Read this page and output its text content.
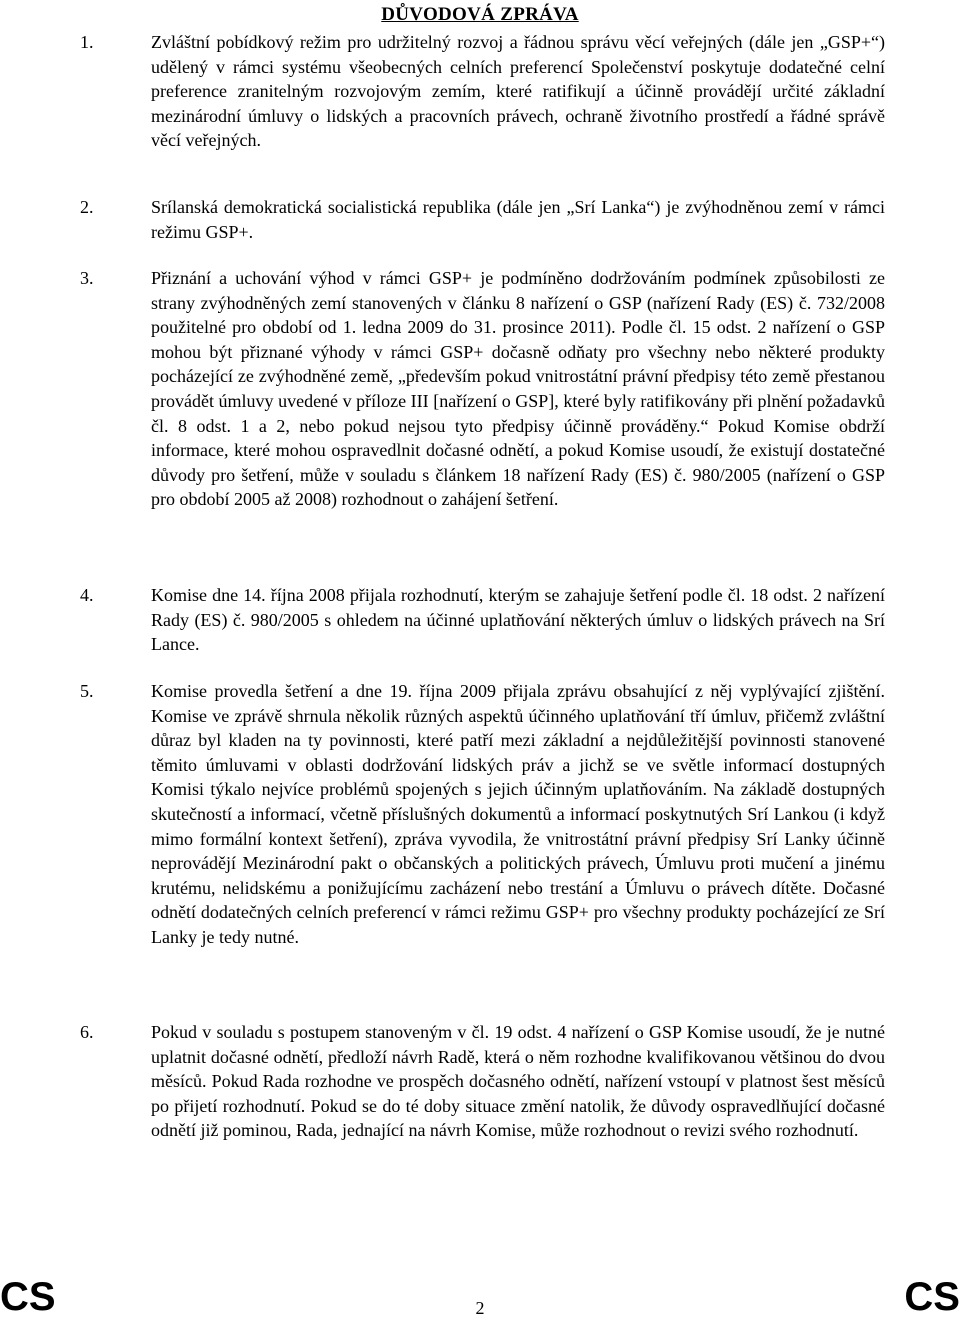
DŮVODOVÁ ZPRÁVA
1.	Zvláštní pobídkový režim pro udržitelný rozvoj a řádnou správu věcí veřejných (dále jen „GSP+“) udělený v rámci systému všeobecných celních preferencí Společenství poskytuje dodatečné celní preference zranitelným rozvojovým zemím, které ratifikují a účinně provádějí určité základní mezinárodní úmluvy o lidských a pracovních právech, ochraně životního prostředí a řádné správě věcí veřejných.
2.	Srílanská demokratická socialistická republika (dále jen „Srí Lanka“) je zvýhodněnou zemí v rámci režimu GSP+.
3.	Přiznání a uchování výhod v rámci GSP+ je podmíněno dodržováním podmínek způsobilosti ze strany zvýhodněných zemí stanovených v článku 8 nařízení o GSP (nařízení Rady (ES) č. 732/2008 použitelné pro období od 1. ledna 2009 do 31. prosince 2011). Podle čl. 15 odst. 2 nařízení o GSP mohou být přiznané výhody v rámci GSP+ dočasně odňaty pro všechny nebo některé produkty pocházející ze zvýhodněné země, „především pokud vnitrostátní právní předpisy této země přestanou provádět úmluvy uvedené v příloze III [nařízení o GSP], které byly ratifikovány při plnění požadavků čl. 8 odst. 1 a 2, nebo pokud nejsou tyto předpisy účinně prováděny.“ Pokud Komise obdrží informace, které mohou ospravedlnit dočasné odnětí, a pokud Komise usoudí, že existují dostatečné důvody pro šetření, může v souladu s článkem 18 nařízení Rady (ES) č. 980/2005 (nařízení o GSP pro období 2005 až 2008) rozhodnout o zahájení šetření.
4.	Komise dne 14. října 2008 přijala rozhodnutí, kterým se zahajuje šetření podle čl. 18 odst. 2 nařízení Rady (ES) č. 980/2005 s ohledem na účinné uplatňování některých úmluv o lidských právech na Srí Lance.
5.	Komise provedla šetření a dne 19. října 2009 přijala zprávu obsahující z něj vyplývající zjištění. Komise ve zprávě shrnula několik různých aspektů účinného uplatňování tří úmluv, přičemž zvláštní důraz byl kladen na ty povinnosti, které patří mezi základní a nejdůležitější povinnosti stanovené těmito úmluvami v oblasti dodržování lidských práv a jichž se ve světle informací dostupných Komisi týkalo nejvíce problémů spojených s jejich účinným uplatňováním. Na základě dostupných skutečností a informací, včetně příslušných dokumentů a informací poskytnutých Srí Lankou (i když mimo formální kontext šetření), zpráva vyvodila, že vnitrostátní právní předpisy Srí Lanky účinně neprovádějí Mezinárodní pakt o občanských a politických právech, Úmluvu proti mučení a jinému krutému, nelidskému a ponižujícímu zacházení nebo trestání a Úmluvu o právech dítěte. Dočasné odnětí dodatečných celních preferencí v rámci režimu GSP+ pro všechny produkty pocházející ze Srí Lanky je tedy nutné.
6.	Pokud v souladu s postupem stanoveným v čl. 19 odst. 4 nařízení o GSP Komise usoudí, že je nutné uplatnit dočasné odnětí, předloží návrh Radě, která o něm rozhodne kvalifikovanou většinou do dvou měsíců. Pokud Rada rozhodne ve prospěch dočasného odnětí, nařízení vstoupí v platnost šest měsíců po přijetí rozhodnutí. Pokud se do té doby situace změní natolik, že důvody ospravedlňující dočasné odnětí již pominou, Rada, jednající na návrh Komise, může rozhodnout o revizi svého rozhodnutí.
CS	2	CS
